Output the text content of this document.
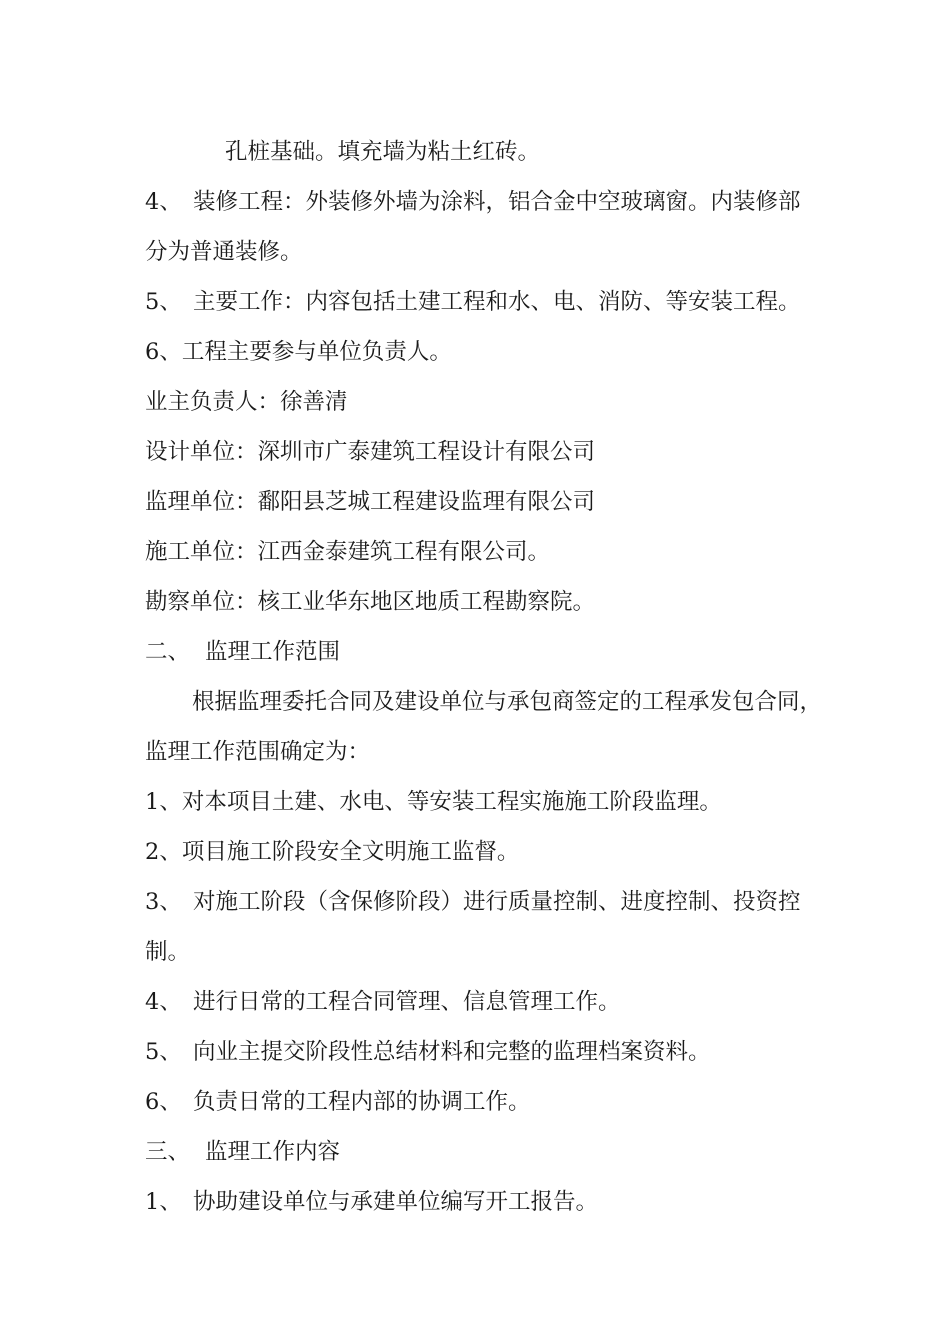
孔桩基础。填充墙为粘土红砖。
4、 装修工程：外装修外墙为涂料，铝合金中空玻璃窗。内装修部
分为普通装修。
5、 主要工作：内容包括土建工程和水、电、消防、等安装工程。
6、工程主要参与单位负责人。
业主负责人：徐善清
设计单位：深圳市广泰建筑工程设计有限公司
监理单位：鄱阳县芝城工程建设监理有限公司
施工单位：江西金泰建筑工程有限公司。
勘察单位：核工业华东地区地质工程勘察院。
二、 监理工作范围
根据监理委托合同及建设单位与承包商签定的工程承发包合同，
监理工作范围确定为：
1、对本项目土建、水电、等安装工程实施施工阶段监理。
2、项目施工阶段安全文明施工监督。
3、 对施工阶段（含保修阶段）进行质量控制、进度控制、投资控
制。
4、 进行日常的工程合同管理、信息管理工作。
5、 向业主提交阶段性总结材料和完整的监理档案资料。
6、 负责日常的工程内部的协调工作。
三、 监理工作内容
1、 协助建设单位与承建单位编写开工报告。
